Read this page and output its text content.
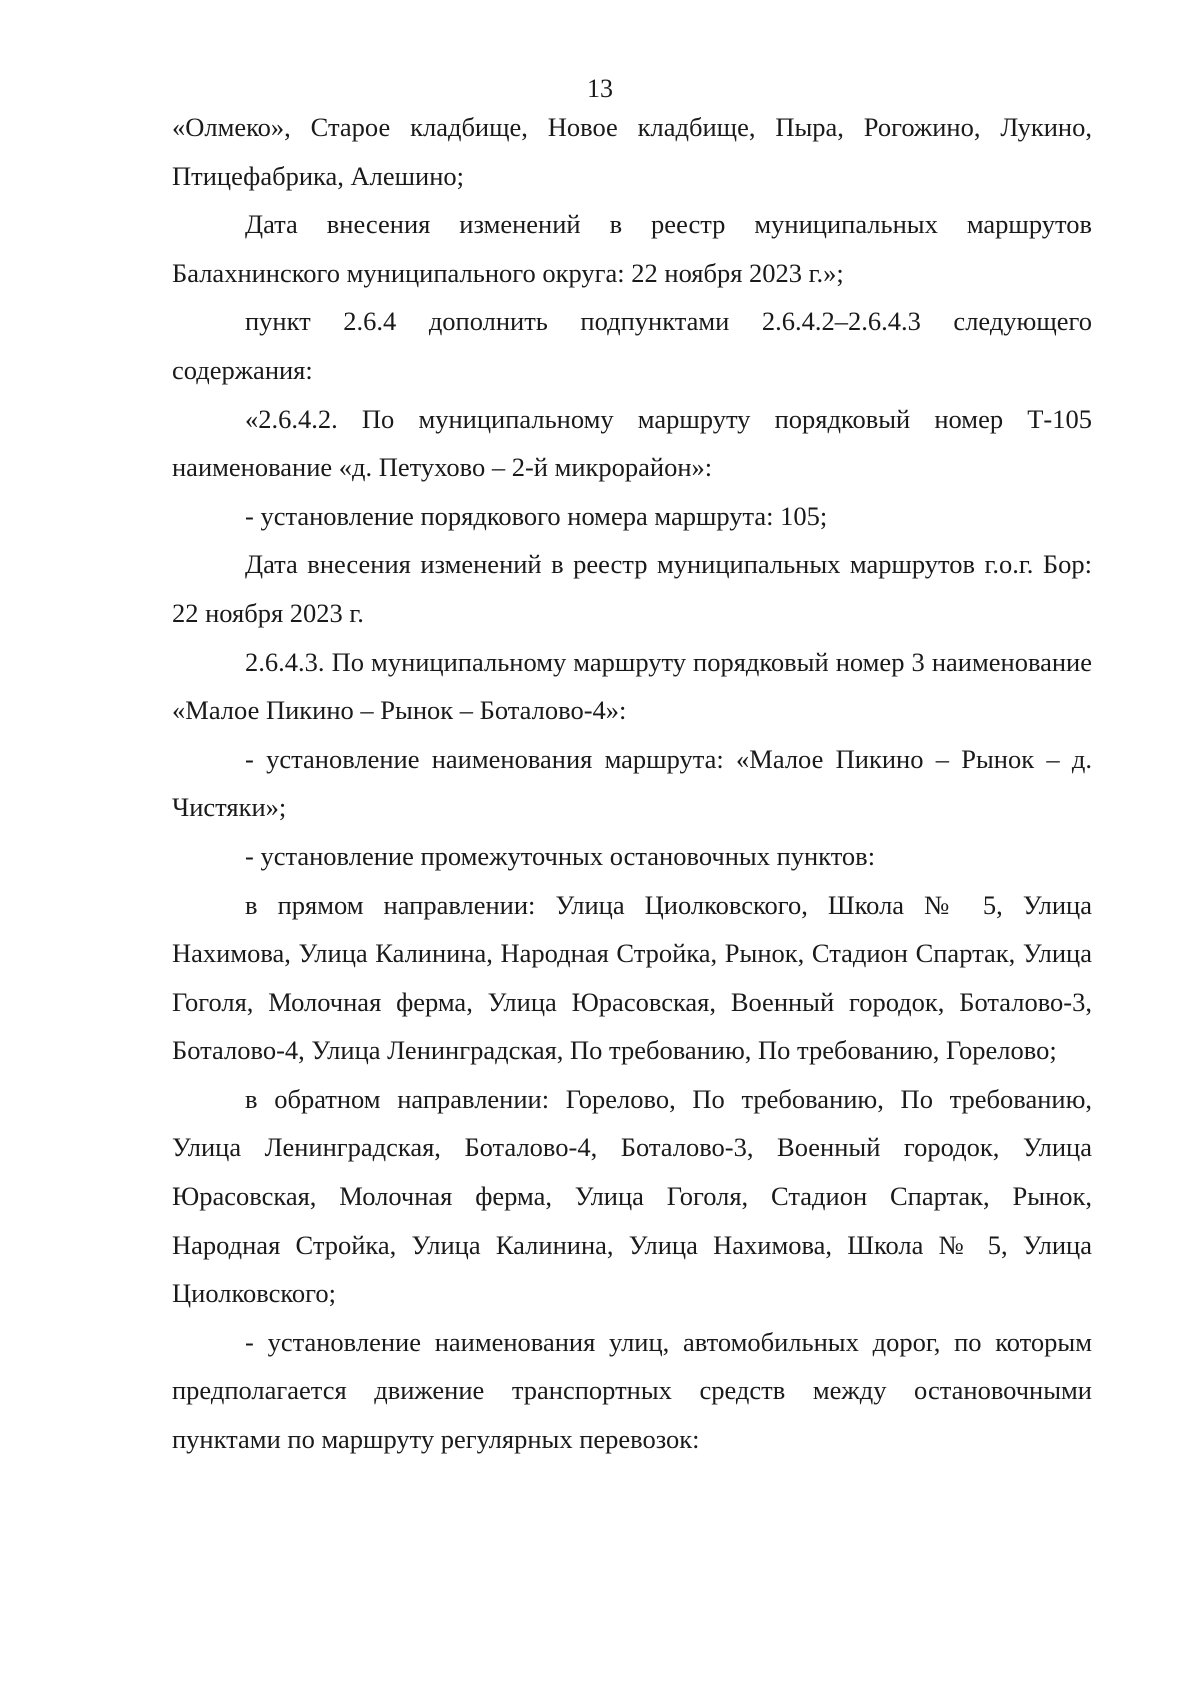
13

«Олмеко», Старое кладбище, Новое кладбище, Пыра, Рогожино, Лукино, Птицефабрика, Алешино;

Дата внесения изменений в реестр муниципальных маршрутов Балахнинского муниципального округа: 22 ноября 2023 г.»;

пункт 2.6.4 дополнить подпунктами 2.6.4.2–2.6.4.3 следующего содержания:

«2.6.4.2. По муниципальному маршруту порядковый номер Т-105 наименование «д. Петухово – 2-й микрорайон»:

- установление порядкового номера маршрута: 105;

Дата внесения изменений в реестр муниципальных маршрутов г.о.г. Бор: 22 ноября 2023 г.

2.6.4.3. По муниципальному маршруту порядковый номер 3 наименование «Малое Пикино – Рынок – Боталово-4»:

- установление наименования маршрута: «Малое Пикино – Рынок – д. Чистяки»;

- установление промежуточных остановочных пунктов:

в прямом направлении: Улица Циолковского, Школа № 5, Улица Нахимова, Улица Калинина, Народная Стройка, Рынок, Стадион Спартак, Улица Гоголя, Молочная ферма, Улица Юрасовская, Военный городок, Боталово-3, Боталово-4, Улица Ленинградская, По требованию, По требованию, Горелово;

в обратном направлении: Горелово, По требованию, По требованию, Улица Ленинградская, Боталово-4, Боталово-3, Военный городок, Улица Юрасовская, Молочная ферма, Улица Гоголя, Стадион Спартак, Рынок, Народная Стройка, Улица Калинина, Улица Нахимова, Школа № 5, Улица Циолковского;

- установление наименования улиц, автомобильных дорог, по которым предполагается движение транспортных средств между остановочными пунктами по маршруту регулярных перевозок:
